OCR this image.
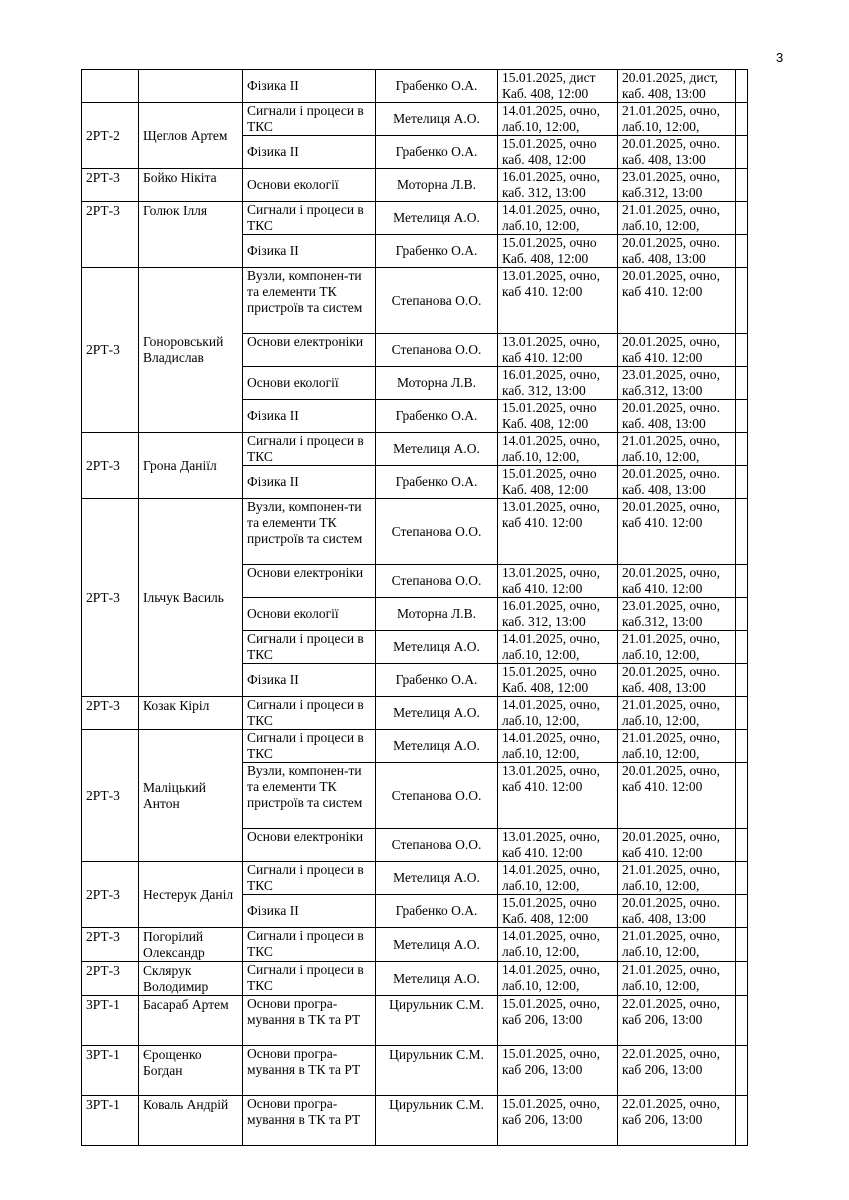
3
		Фізика ІІ	Грабенко О.А.	15.01.2025, дист Каб. 408, 12:00	20.01.2025, дист, каб. 408, 13:00	
2РТ-2	Щеглов Артем	Сигнали і процеси в ТКС	Метелиця А.О.	14.01.2025, очно, лаб.10, 12:00,	21.01.2025, очно, лаб.10, 12:00,	
		Фізика ІІ	Грабенко О.А.	15.01.2025, очно каб. 408, 12:00	20.01.2025, очно. каб. 408, 13:00	
2РТ-3	Бойко Нікіта	Основи екології	Моторна Л.В.	16.01.2025, очно, каб. 312, 13:00	23.01.2025, очно, каб.312, 13:00	
2РТ-3	Голюк Ілля	Сигнали і процеси в ТКС	Метелиця А.О.	14.01.2025, очно, лаб.10, 12:00,	21.01.2025, очно, лаб.10, 12:00,	
		Фізика ІІ	Грабенко О.А.	15.01.2025, очно Каб. 408, 12:00	20.01.2025, очно. каб. 408, 13:00	
2РТ-3	Гоноровський Владислав	Вузли, компонен-ти та елементи ТК пристроїв та систем	Степанова О.О.	13.01.2025, очно, каб 410. 12:00	20.01.2025, очно, каб 410. 12:00	
		Основи електроніки	Степанова О.О.	13.01.2025, очно, каб 410. 12:00	20.01.2025, очно, каб 410. 12:00	
		Основи екології	Моторна Л.В.	16.01.2025, очно, каб. 312, 13:00	23.01.2025, очно, каб.312, 13:00	
		Фізика ІІ	Грабенко О.А.	15.01.2025, очно Каб. 408, 12:00	20.01.2025, очно. каб. 408, 13:00	
2РТ-3	Грона Даніїл	Сигнали і процеси в ТКС	Метелиця А.О.	14.01.2025, очно, лаб.10, 12:00,	21.01.2025, очно, лаб.10, 12:00,	
		Фізика ІІ	Грабенко О.А.	15.01.2025, очно Каб. 408, 12:00	20.01.2025, очно. каб. 408, 13:00	
2РТ-3	Ільчук Василь	Вузли, компонен-ти та елементи ТК пристроїв та систем	Степанова О.О.	13.01.2025, очно, каб 410. 12:00	20.01.2025, очно, каб 410. 12:00	
		Основи електроніки	Степанова О.О.	13.01.2025, очно, каб 410. 12:00	20.01.2025, очно, каб 410. 12:00	
		Основи екології	Моторна Л.В.	16.01.2025, очно, каб. 312, 13:00	23.01.2025, очно, каб.312, 13:00	
		Сигнали і процеси в ТКС	Метелиця А.О.	14.01.2025, очно, лаб.10, 12:00,	21.01.2025, очно, лаб.10, 12:00,	
		Фізика ІІ	Грабенко О.А.	15.01.2025, очно Каб. 408, 12:00	20.01.2025, очно. каб. 408, 13:00	
2РТ-3	Козак Кіріл	Сигнали і процеси в ТКС	Метелиця А.О.	14.01.2025, очно, лаб.10, 12:00,	21.01.2025, очно, лаб.10, 12:00,	
2РТ-3	Маліцький Антон	Сигнали і процеси в ТКС	Метелиця А.О.	14.01.2025, очно, лаб.10, 12:00,	21.01.2025, очно, лаб.10, 12:00,	
		Вузли, компонен-ти та елементи ТК пристроїв та систем	Степанова О.О.	13.01.2025, очно, каб 410. 12:00	20.01.2025, очно, каб 410. 12:00	
		Основи електроніки	Степанова О.О.	13.01.2025, очно, каб 410. 12:00	20.01.2025, очно, каб 410. 12:00	
2РТ-3	Нестерук Даніл	Сигнали і процеси в ТКС	Метелиця А.О.	14.01.2025, очно, лаб.10, 12:00,	21.01.2025, очно, лаб.10, 12:00,	
		Фізика ІІ	Грабенко О.А.	15.01.2025, очно Каб. 408, 12:00	20.01.2025, очно. каб. 408, 13:00	
2РТ-3	Погорілий Олександр	Сигнали і процеси в ТКС	Метелиця А.О.	14.01.2025, очно, лаб.10, 12:00,	21.01.2025, очно, лаб.10, 12:00,	
2РТ-3	Склярук Володимир	Сигнали і процеси в ТКС	Метелиця А.О.	14.01.2025, очно, лаб.10, 12:00,	21.01.2025, очно, лаб.10, 12:00,	
3РТ-1	Басараб Артем	Основи програ-мування в ТК та РТ	Цирульник С.М.	15.01.2025, очно, каб 206, 13:00	22.01.2025, очно, каб 206, 13:00	
3РТ-1	Єрощенко Богдан	Основи програ-мування в ТК та РТ	Цирульник С.М.	15.01.2025, очно, каб 206, 13:00	22.01.2025, очно, каб 206, 13:00	
3РТ-1	Коваль Андрій	Основи програ-мування в ТК та РТ	Цирульник С.М.	15.01.2025, очно, каб 206, 13:00	22.01.2025, очно, каб 206, 13:00	
